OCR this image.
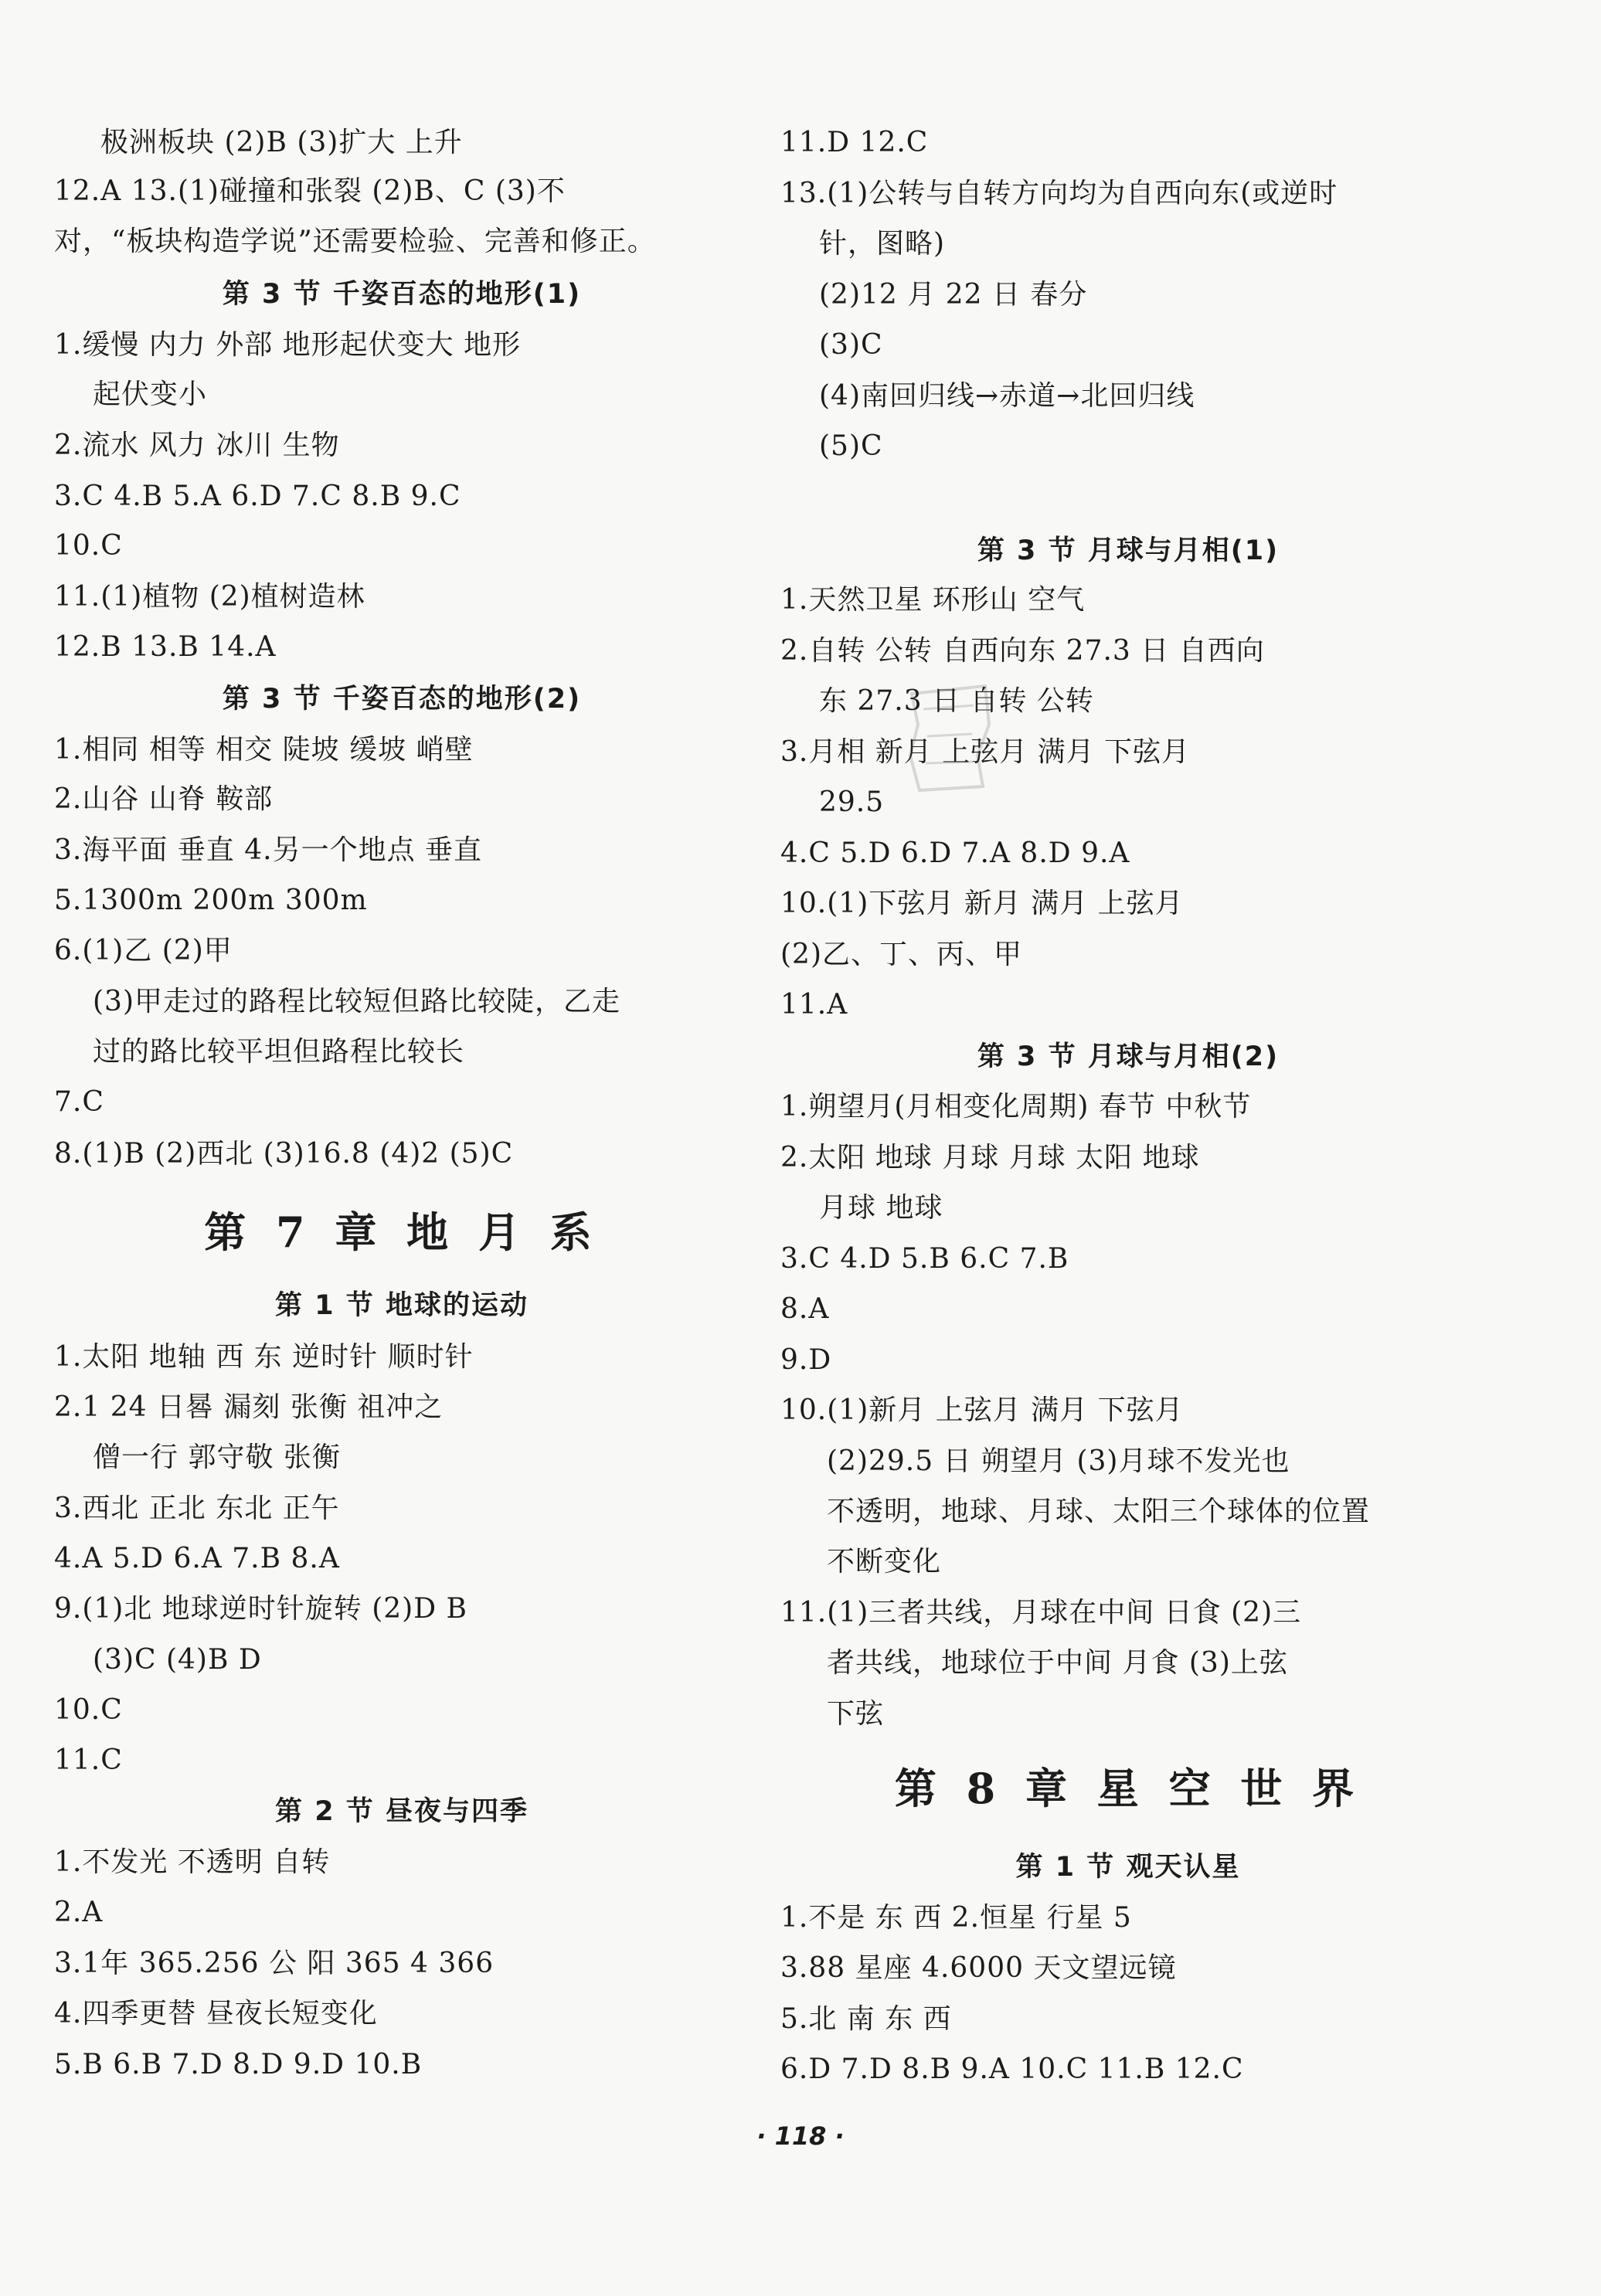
极洲板块 (2)B (3)扩大 上升
12.A 13.(1)碰撞和张裂 (2)B、C (3)不
对，“板块构造学说”还需要检验、完善和修正。
第 3 节 千姿百态的地形(1)
1.缓慢 内力 外部 地形起伏变大 地形
起伏变小
2.流水 风力 冰川 生物
3.C 4.B 5.A 6.D 7.C 8.B 9.C
10.C
11.(1)植物 (2)植树造林
12.B 13.B 14.A
第 3 节 千姿百态的地形(2)
1.相同 相等 相交 陡坡 缓坡 峭壁
2.山谷 山脊 鞍部
3.海平面 垂直 4.另一个地点 垂直
5.1300m 200m 300m
6.(1)乙 (2)甲
(3)甲走过的路程比较短但路比较陡，乙走
过的路比较平坦但路程比较长
7.C
8.(1)B (2)西北 (3)16.8 (4)2 (5)C
第 7 章 地 月 系
第 1 节 地球的运动
1.太阳 地轴 西 东 逆时针 顺时针
2.1 24 日晷 漏刻 张衡 祖冲之
僧一行 郭守敬 张衡
3.西北 正北 东北 正午
4.A 5.D 6.A 7.B 8.A
9.(1)北 地球逆时针旋转 (2)D B
(3)C (4)B D
10.C
11.C
第 2 节 昼夜与四季
1.不发光 不透明 自转
2.A
3.1年 365.256 公 阳 365 4 366
4.四季更替 昼夜长短变化
5.B 6.B 7.D 8.D 9.D 10.B
11.D 12.C
13.(1)公转与自转方向均为自西向东(或逆时
针，图略)
(2)12 月 22 日 春分
(3)C
(4)南回归线→赤道→北回归线
(5)C
第 3 节 月球与月相(1)
1.天然卫星 环形山 空气
2.自转 公转 自西向东 27.3 日 自西向
东 27.3 日 自转 公转
3.月相 新月 上弦月 满月 下弦月
29.5
4.C 5.D 6.D 7.A 8.D 9.A
10.(1)下弦月 新月 满月 上弦月
(2)乙、丁、丙、甲
11.A
第 3 节 月球与月相(2)
1.朔望月(月相变化周期) 春节 中秋节
2.太阳 地球 月球 月球 太阳 地球
月球 地球
3.C 4.D 5.B 6.C 7.B
8.A
9.D
10.(1)新月 上弦月 满月 下弦月
(2)29.5 日 朔望月 (3)月球不发光也
不透明，地球、月球、太阳三个球体的位置
不断变化
11.(1)三者共线，月球在中间 日食 (2)三
者共线，地球位于中间 月食 (3)上弦
下弦
第 8 章 星 空 世 界
第 1 节 观天认星
1.不是 东 西 2.恒星 行星 5
3.88 星座 4.6000 天文望远镜
5.北 南 东 西
6.D 7.D 8.B 9.A 10.C 11.B 12.C
· 118 ·
